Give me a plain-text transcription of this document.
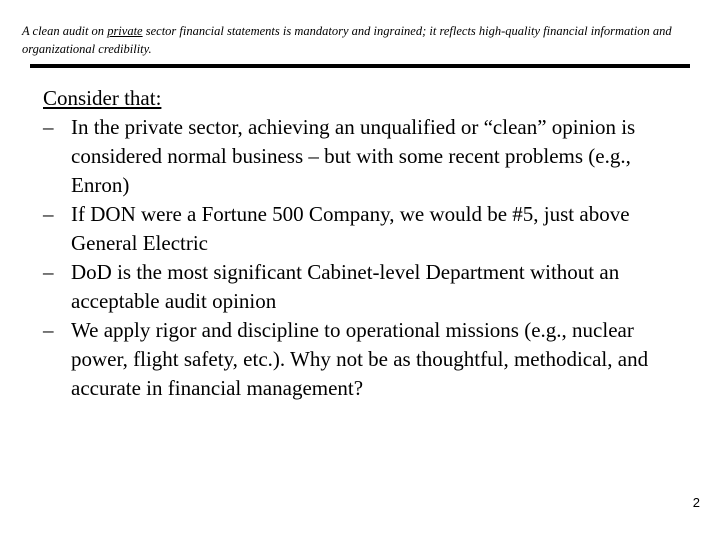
A clean audit on private sector financial statements is mandatory and ingrained; it reflects high-quality financial information and organizational credibility.
Consider that:
– In the private sector, achieving an unqualified or “clean” opinion is considered normal business – but with some recent problems (e.g., Enron)
– If DON were a Fortune 500 Company, we would be #5, just above General Electric
– DoD is the most significant Cabinet-level Department without an acceptable audit opinion
– We apply rigor and discipline to operational missions (e.g., nuclear power, flight safety, etc.). Why not be as thoughtful, methodical, and accurate in financial management?
2
